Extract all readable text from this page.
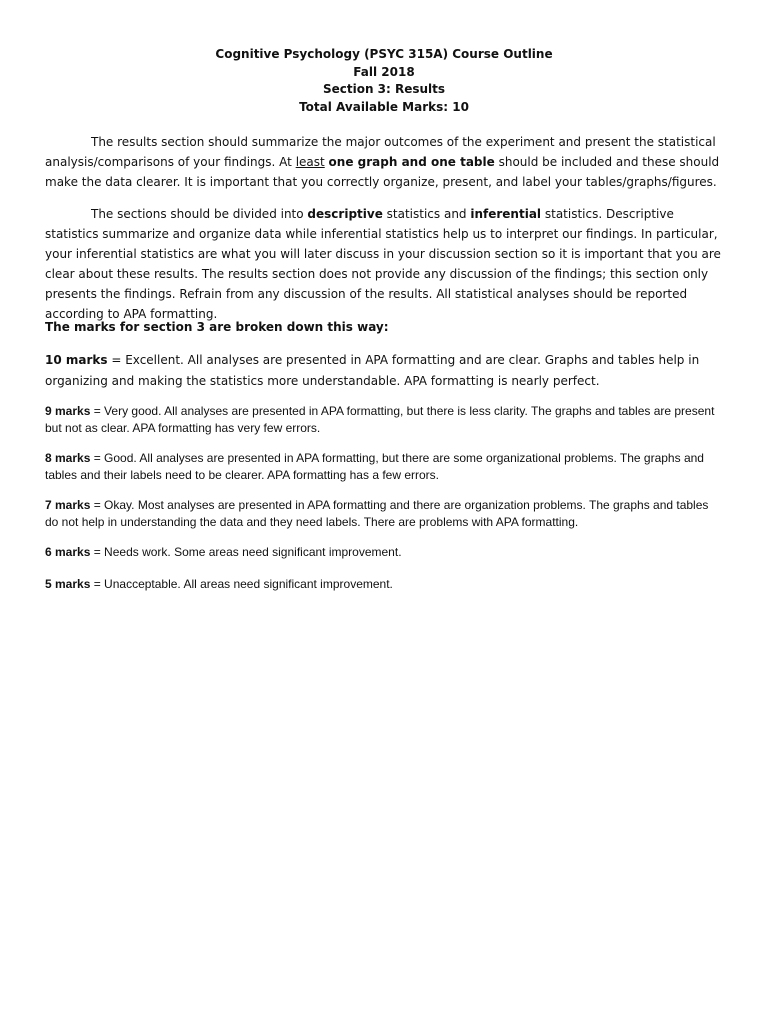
Cognitive Psychology (PSYC 315A) Course Outline
Fall 2018
Section 3: Results
Total Available Marks: 10
The results section should summarize the major outcomes of the experiment and present the statistical analysis/comparisons of your findings. At least one graph and one table should be included and these should make the data clearer. It is important that you correctly organize, present, and label your tables/graphs/figures.
The sections should be divided into descriptive statistics and inferential statistics. Descriptive statistics summarize and organize data while inferential statistics help us to interpret our findings. In particular, your inferential statistics are what you will later discuss in your discussion section so it is important that you are clear about these results. The results section does not provide any discussion of the findings; this section only presents the findings. Refrain from any discussion of the results. All statistical analyses should be reported according to APA formatting.
The marks for section 3 are broken down this way:
10 marks = Excellent. All analyses are presented in APA formatting and are clear. Graphs and tables help in organizing and making the statistics more understandable. APA formatting is nearly perfect.
9 marks = Very good. All analyses are presented in APA formatting, but there is less clarity. The graphs and tables are present but not as clear. APA formatting has very few errors.
8 marks = Good. All analyses are presented in APA formatting, but there are some organizational problems. The graphs and tables and their labels need to be clearer. APA formatting has a few errors.
7 marks = Okay. Most analyses are presented in APA formatting and there are organization problems. The graphs and tables do not help in understanding the data and they need labels. There are problems with APA formatting.
6 marks = Needs work. Some areas need significant improvement.
5 marks = Unacceptable. All areas need significant improvement.
